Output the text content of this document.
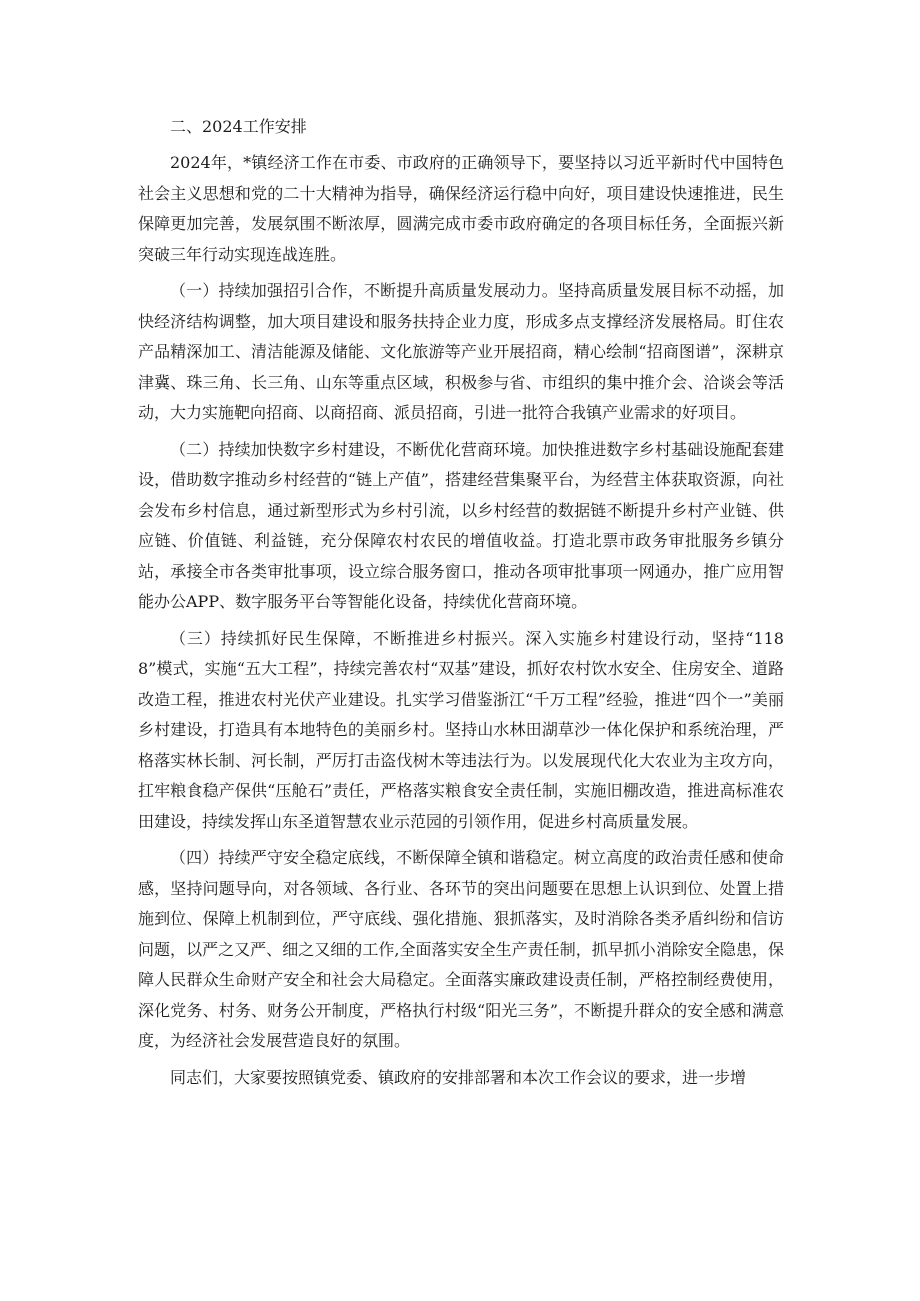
二、2024工作安排

2024年，*镇经济工作在市委、市政府的正确领导下，要坚持以习近平新时代中国特色社会主义思想和党的二十大精神为指导，确保经济运行稳中向好，项目建设快速推进，民生保障更加完善，发展氛围不断浓厚，圆满完成市委市政府确定的各项目标任务，全面振兴新突破三年行动实现连战连胜。

（一）持续加强招引合作，不断提升高质量发展动力。坚持高质量发展目标不动摇，加快经济结构调整，加大项目建设和服务扶持企业力度，形成多点支撑经济发展格局。盯住农产品精深加工、清洁能源及储能、文化旅游等产业开展招商，精心绘制“招商图谱”，深耕京津冀、珠三角、长三角、山东等重点区域，积极参与省、市组织的集中推介会、洽谈会等活动，大力实施靶向招商、以商招商、派员招商，引进一批符合我镇产业需求的好项目。

（二）持续加快数字乡村建设，不断优化营商环境。加快推进数字乡村基础设施配套建设，借助数字推动乡村经营的“链上产值”，搭建经营集聚平台，为经营主体获取资源，向社会发布乡村信息，通过新型形式为乡村引流，以乡村经营的数据链不断提升乡村产业链、供应链、价值链、利益链，充分保障农村农民的增值收益。打造北票市政务审批服务乡镇分站，承接全市各类审批事项，设立综合服务窗口，推动各项审批事项一网通办，推广应用智能办公APP、数字服务平台等智能化设备，持续优化营商环境。

（三）持续抓好民生保障，不断推进乡村振兴。深入实施乡村建设行动，坚持“1188”模式，实施“五大工程”，持续完善农村“双基”建设，抓好农村饮水安全、住房安全、道路改造工程，推进农村光伏产业建设。扎实学习借鉴浙江“千万工程”经验，推进“四个一”美丽乡村建设，打造具有本地特色的美丽乡村。坚持山水林田湖草沙一体化保护和系统治理，严格落实林长制、河长制，严厉打击盗伐树木等违法行为。以发展现代化大农业为主攻方向，扛牢粮食稳产保供“压舱石”责任，严格落实粮食安全责任制，实施旧棚改造，推进高标准农田建设，持续发挥山东圣道智慧农业示范园的引领作用，促进乡村高质量发展。

（四）持续严守安全稳定底线，不断保障全镇和谐稳定。树立高度的政治责任感和使命感，坚持问题导向，对各领域、各行业、各环节的突出问题要在思想上认识到位、处置上措施到位、保障上机制到位，严守底线、强化措施、狠抓落实，及时消除各类矛盾纠纷和信访问题，以严之又严、细之又细的工作,全面落实安全生产责任制，抓早抓小消除安全隐患，保障人民群众生命财产安全和社会大局稳定。全面落实廉政建设责任制，严格控制经费使用，深化党务、村务、财务公开制度，严格执行村级“阳光三务”，不断提升群众的安全感和满意度，为经济社会发展营造良好的氛围。

同志们，大家要按照镇党委、镇政府的安排部署和本次工作会议的要求，进一步增
